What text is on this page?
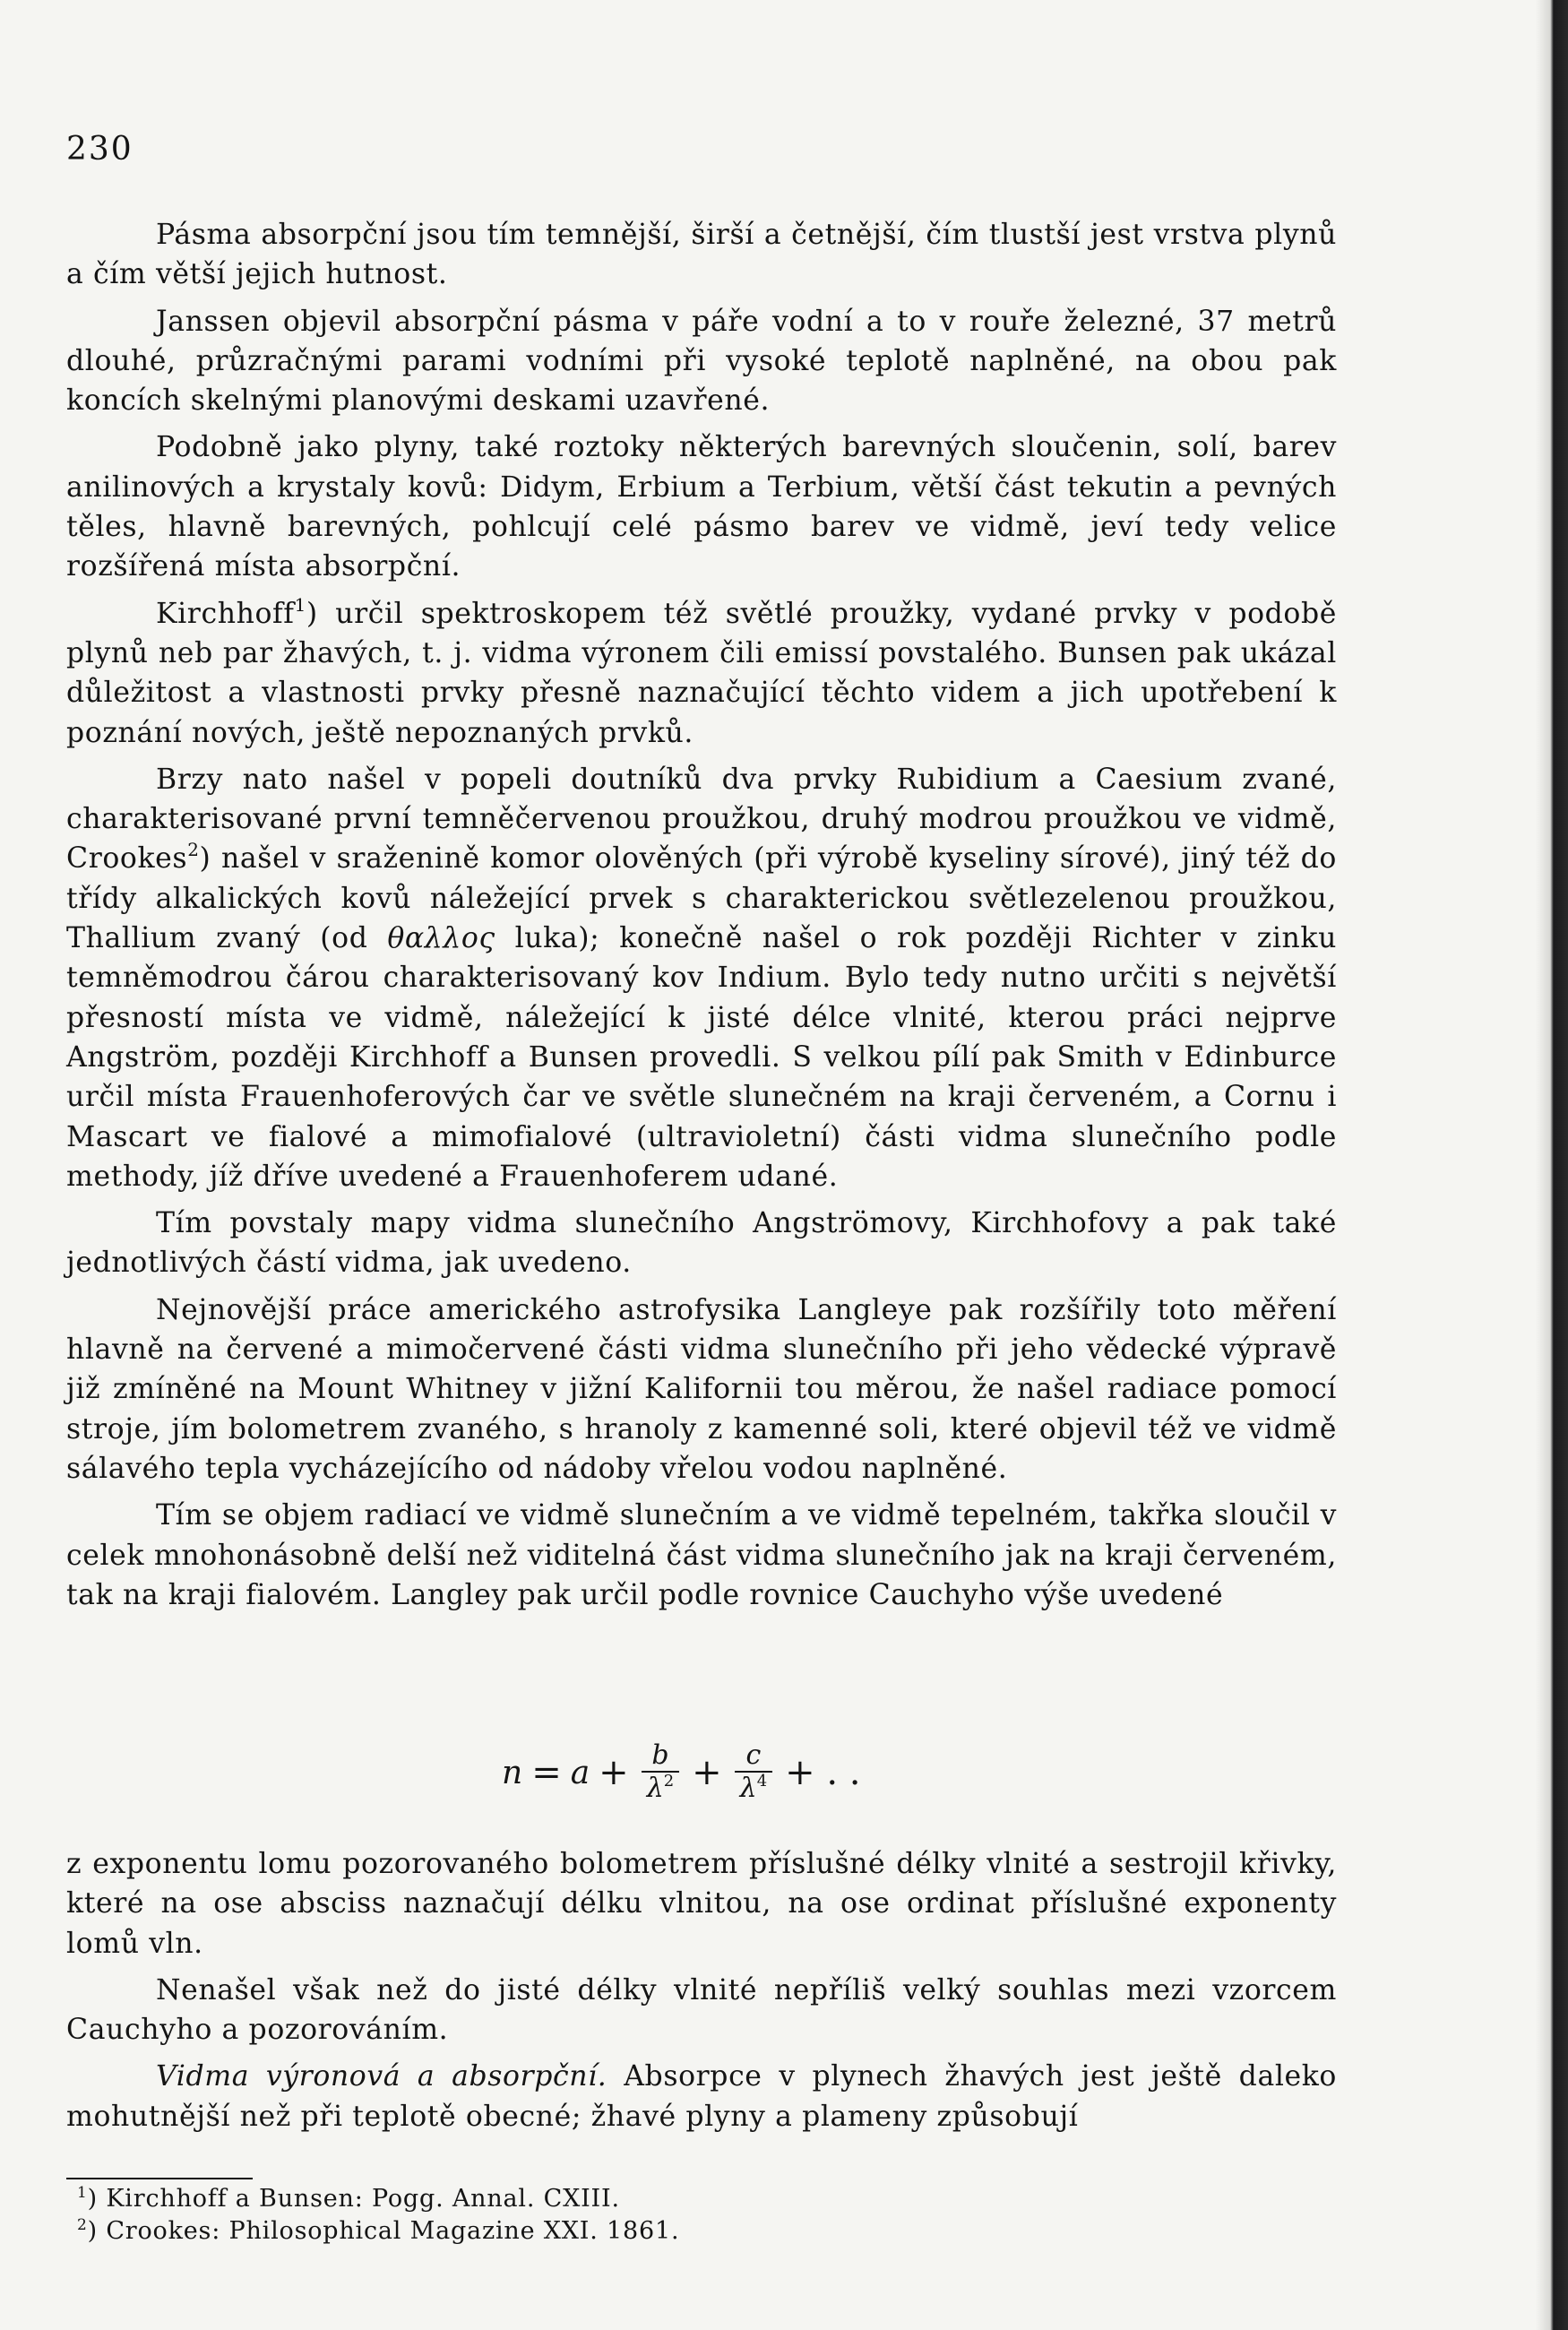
230

Pásma absorpční jsou tím temnější, širší a četnější, čím tlustší jest vrstva plynů a čím větší jejich hutnost.

Janssen objevil absorpční pásma v páře vodní a to v rouře železné, 37 metrů dlouhé, průzračnými parami vodními při vysoké teplotě naplněné, na obou pak koncích skelnými planovými deskami uzavřené.

Podobně jako plyny, také roztoky některých barevných sloučenin, solí, barev anilinových a krystaly kovů: Didym, Erbium a Terbium, větší část tekutin a pevných těles, hlavně barevných, pohlcují celé pásmo barev ve vidmě, jeví tedy velice rozšířená místa absorpční.

Kirchhoff$^1$) určil spektroskopem též světlé proužky, vydané prvky v podobě plynů neb par žhavých, t. j. vidma výronem čili emissí povstalého. Bunsen pak ukázal důležitost a vlastnosti prvky přesně naznačující těchto videm a jich upotřebení k poznání nových, ještě nepoznaných prvků.

Brzy nato našel v popeli doutníků dva prvky Rubidium a Caesium zvané, charakterisované první temněčervenou proužkou, druhý modrou proužkou ve vidmě, Crookes$^2$) našel v sraženině komor olověných (při výrobě kyseliny sírové), jiný též do třídy alkalických kovů náležející prvek s charakterickou světlezelenou proužkou, Thallium zvaný (od θαλλος luka); konečně našel o rok později Richter v zinku temněmodrou čárou charakterisovaný kov Indium. Bylo tedy nutno určiti s největší přesností místa ve vidmě, náležející k jisté délce vlnité, kterou práci nejprve Angström, později Kirchhoff a Bunsen provedli. S velkou pílí pak Smith v Edinburce určil místa Frauenhoferových čar ve světle slunečném na kraji červeném, a Cornu i Mascart ve fialové a mimofialové (ultravioletní) části vidma slunečního podle methody, jíž dříve uvedené a Frauenhoferem udané.

Tím povstaly mapy vidma slunečního Angströmovy, Kirchhofovy a pak také jednotlivých částí vidma, jak uvedeno.

Nejnovější práce amerického astrofysika Langleye pak rozšířily toto měření hlavně na červené a mimočervené části vidma slunečního při jeho vědecké výpravě již zmíněné na Mount Whitney v jižní Kalifornii tou měrou, že našel radiace pomocí stroje, jím bolometrem zvaného, s hranoly z kamenné soli, které objevil též ve vidmě sálavého tepla vycházejícího od nádoby vřelou vodou naplněné.

Tím se objem radiací ve vidmě slunečním a ve vidmě tepelném, takřka sloučil v celek mnohonásobně delší než viditelná část vidma slunečního jak na kraji červeném, tak na kraji fialovém. Langley pak určil podle rovnice Cauchyho výše uvedené

$n = a + \frac{b}{\lambda^2} + \frac{c}{\lambda^4}$ + . .

z exponentu lomu pozorovaného bolometrem příslušné délky vlnité a sestrojil křivky, které na ose absciss naznačují délku vlnitou, na ose ordinat příslušné exponenty lomů vln.

Nenašel však než do jisté délky vlnité nepříliš velký souhlas mezi vzorcem Cauchyho a pozorováním.

Vidma výronová a absorpční. Absorpce v plynech žhavých jest ještě daleko mohutnější než při teplotě obecné; žhavé plyny a plameny způsobují

$^1$) Kirchhoff a Bunsen: Pogg. Annal. CXIII.
$^2$) Crookes: Philosophical Magazine XXI. 1861.
